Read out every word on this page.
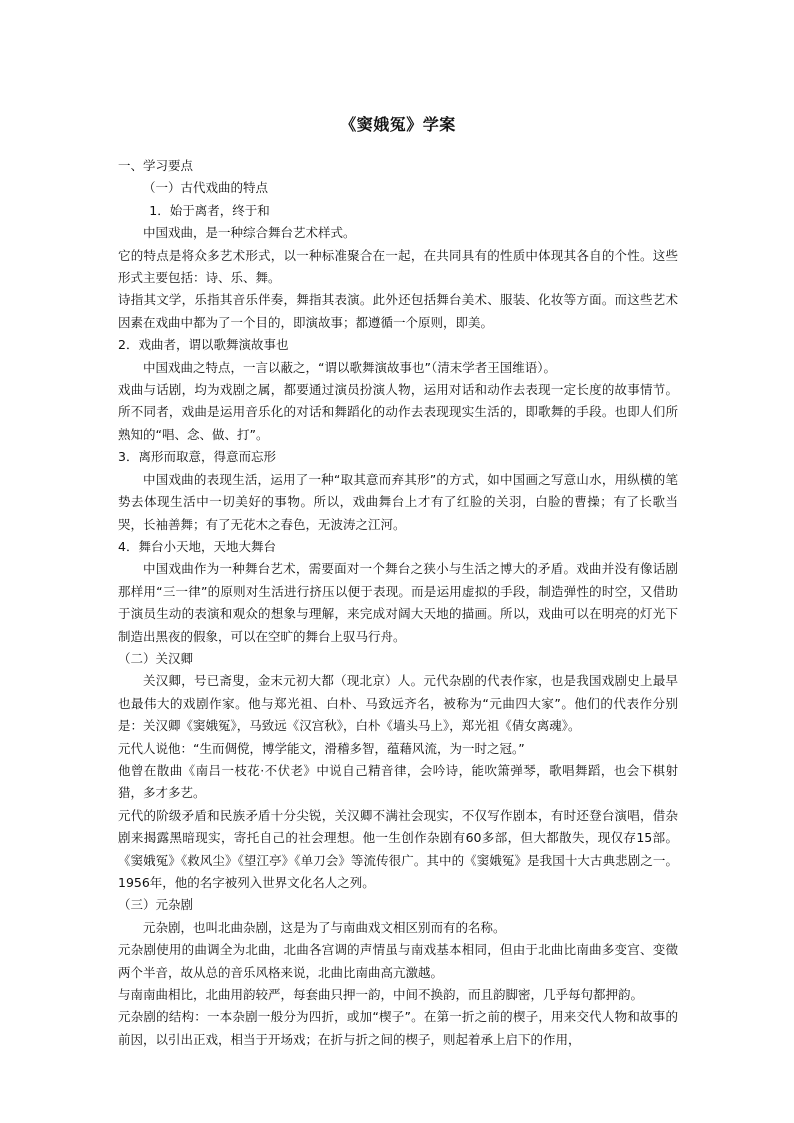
《窦娥冤》学案

一、学习要点

（一）古代戏曲的特点

1．始于离者，终于和

中国戏曲，是一种综合舞台艺术样式。

它的特点是将众多艺术形式，以一种标准聚合在一起，在共同具有的性质中体现其各自的个性。这些形式主要包括：诗、乐、舞。

诗指其文学，乐指其音乐伴奏，舞指其表演。此外还包括舞台美术、服装、化妆等方面。而这些艺术因素在戏曲中都为了一个目的，即演故事；都遵循一个原则，即美。

2．戏曲者，谓以歌舞演故事也

中国戏曲之特点，一言以蔽之，“谓以歌舞演故事也”（清末学者王国维语）。

戏曲与话剧，均为戏剧之属，都要通过演员扮演人物，运用对话和动作去表现一定长度的故事情节。所不同者，戏曲是运用音乐化的对话和舞蹈化的动作去表现现实生活的，即歌舞的手段。也即人们所熟知的“唱、念、做、打”。

3．离形而取意，得意而忘形

中国戏曲的表现生活，运用了一种“取其意而弃其形”的方式，如中国画之写意山水，用纵横的笔势去体现生活中一切美好的事物。所以，戏曲舞台上才有了红脸的关羽，白脸的曹操；有了长歌当哭，长袖善舞；有了无花木之春色，无波涛之江河。

4．舞台小天地，天地大舞台

中国戏曲作为一种舞台艺术，需要面对一个舞台之狭小与生活之博大的矛盾。戏曲并没有像话剧那样用“三一律”的原则对生活进行挤压以便于表现。而是运用虚拟的手段，制造弹性的时空，又借助于演员生动的表演和观众的想象与理解，来完成对阔大天地的描画。所以，戏曲可以在明亮的灯光下制造出黑夜的假象，可以在空旷的舞台上驭马行舟。

（二）关汉卿

关汉卿，号已斋叟，金末元初大都（现北京）人。元代杂剧的代表作家，也是我国戏剧史上最早也最伟大的戏剧作家。他与郑光祖、白朴、马致远齐名，被称为“元曲四大家”。他们的代表作分别是：关汉卿《窦娥冤》，马致远《汉宫秋》，白朴《墙头马上》，郑光祖《倩女离魂》。

元代人说他：“生而倜傥，博学能文，滑稽多智，蕴藉风流，为一时之冠。”

他曾在散曲《南吕一枝花·不伏老》中说自己精音律，会吟诗，能吹箫弹琴，歌唱舞蹈，也会下棋射猎，多才多艺。

元代的阶级矛盾和民族矛盾十分尖锐，关汉卿不满社会现实，不仅写作剧本，有时还登台演唱，借杂剧来揭露黑暗现实，寄托自己的社会理想。他一生创作杂剧有60多部，但大都散失，现仅存15部。《窦娥冤》《救风尘》《望江亭》《单刀会》等流传很广。其中的《窦娥冤》是我国十大古典悲剧之一。1956年，他的名字被列入世界文化名人之列。

（三）元杂剧

元杂剧，也叫北曲杂剧，这是为了与南曲戏文相区别而有的名称。

元杂剧使用的曲调全为北曲，北曲各宫调的声情虽与南戏基本相同，但由于北曲比南曲多变宫、变徵两个半音，故从总的音乐风格来说，北曲比南曲高亢激越。

与南南曲相比，北曲用韵较严，每套曲只押一韵，中间不换韵，而且韵脚密，几乎每句都押韵。

元杂剧的结构：一本杂剧一般分为四折，或加“楔子”。在第一折之前的楔子，用来交代人物和故事的前因，以引出正戏，相当于开场戏；在折与折之间的楔子，则起着承上启下的作用，
